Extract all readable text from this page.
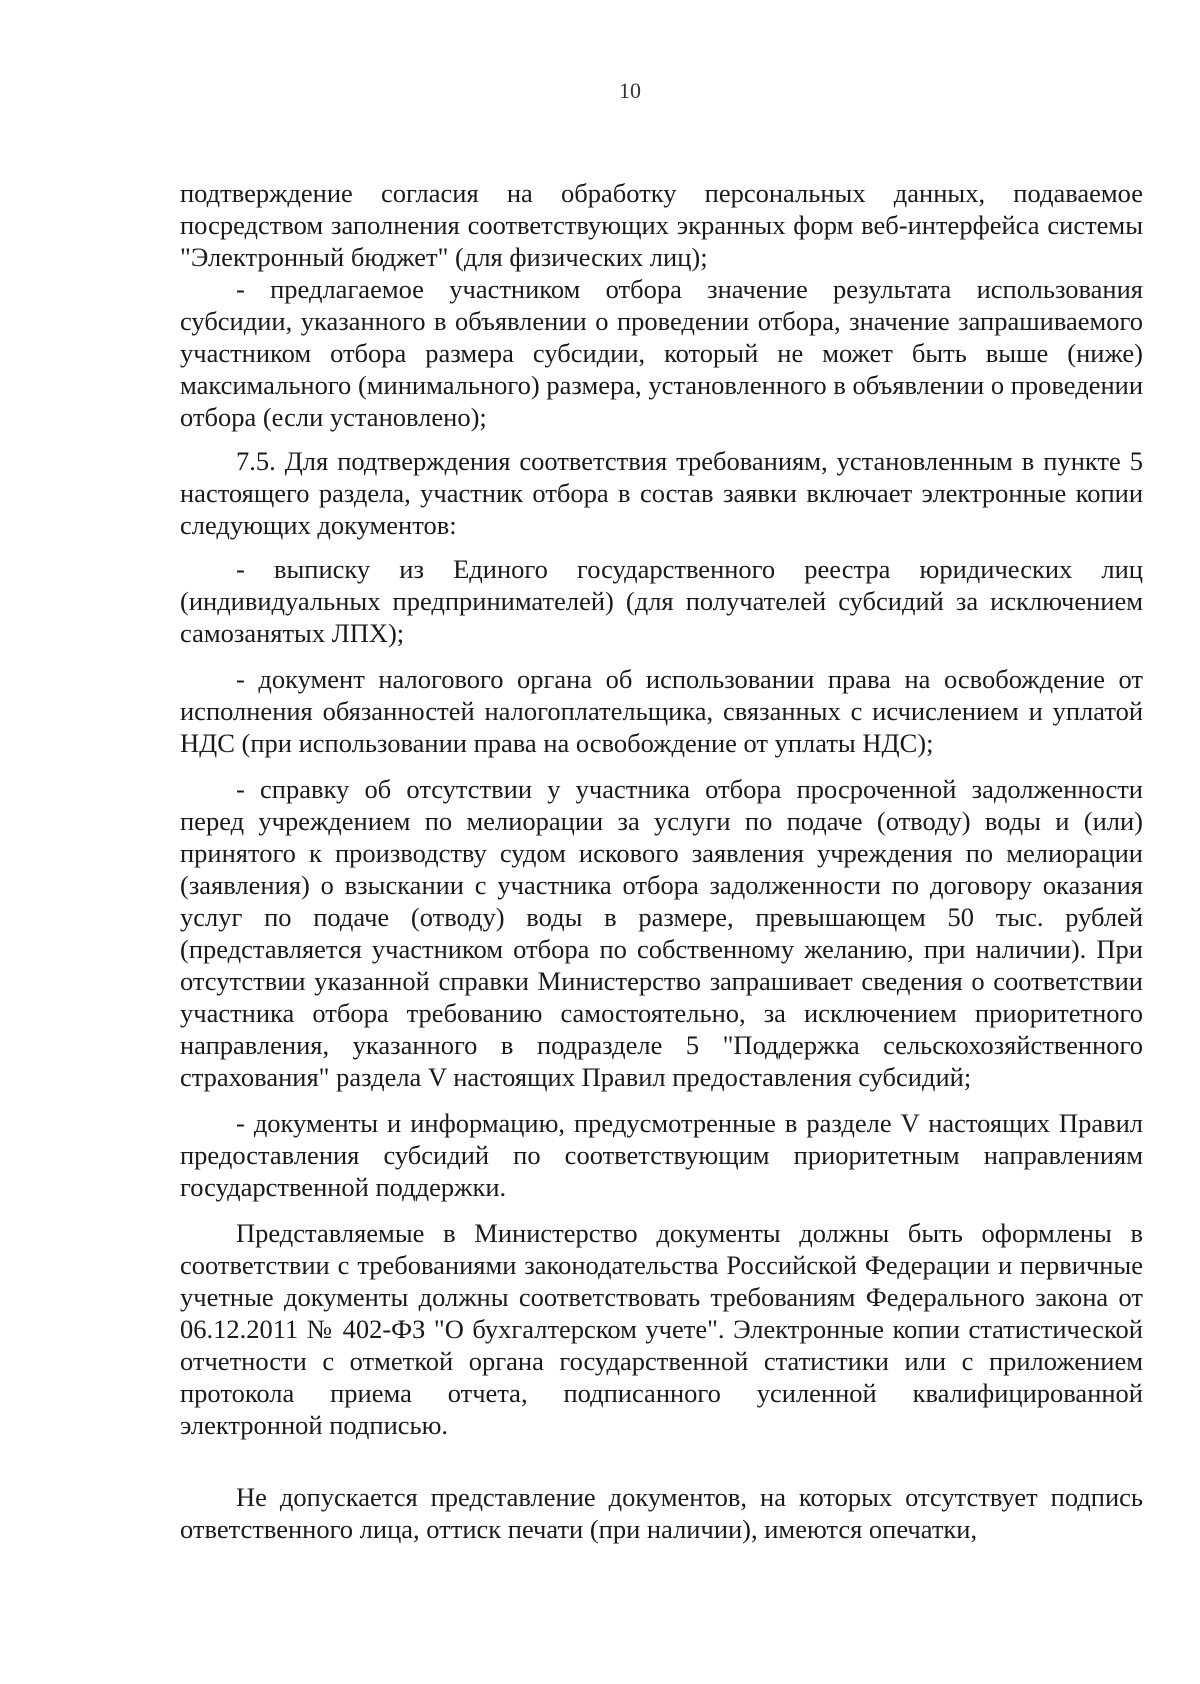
10

подтверждение согласия на обработку персональных данных, подаваемое посредством заполнения соответствующих экранных форм веб-интерфейса системы "Электронный бюджет" (для физических лиц);

- предлагаемое участником отбора значение результата использования субсидии, указанного в объявлении о проведении отбора, значение запрашиваемого участником отбора размера субсидии, который не может быть выше (ниже) максимального (минимального) размера, установленного в объявлении о проведении отбора (если установлено);

7.5. Для подтверждения соответствия требованиям, установленным в пункте 5 настоящего раздела, участник отбора в состав заявки включает электронные копии следующих документов:

- выписку из Единого государственного реестра юридических лиц (индивидуальных предпринимателей) (для получателей субсидий за исключением самозанятых ЛПХ);

- документ налогового органа об использовании права на освобождение от исполнения обязанностей налогоплательщика, связанных с исчислением и уплатой НДС (при использовании права на освобождение от уплаты НДС);

- справку об отсутствии у участника отбора просроченной задолженности перед учреждением по мелиорации за услуги по подаче (отводу) воды и (или) принятого к производству судом искового заявления учреждения по мелиорации (заявления) о взыскании с участника отбора задолженности по договору оказания услуг по подаче (отводу) воды в размере, превышающем 50 тыс. рублей (представляется участником отбора по собственному желанию, при наличии). При отсутствии указанной справки Министерство запрашивает сведения о соответствии участника отбора требованию самостоятельно, за исключением приоритетного направления, указанного в подразделе 5 "Поддержка сельскохозяйственного страхования" раздела V настоящих Правил предоставления субсидий;

- документы и информацию, предусмотренные в разделе V настоящих Правил предоставления субсидий по соответствующим приоритетным направлениям государственной поддержки.

Представляемые в Министерство документы должны быть оформлены в соответствии с требованиями законодательства Российской Федерации и первичные учетные документы должны соответствовать требованиям Федерального закона от 06.12.2011 № 402-ФЗ "О бухгалтерском учете". Электронные копии статистической отчетности с отметкой органа государственной статистики или с приложением протокола приема отчета, подписанного усиленной квалифицированной электронной подписью.

Не допускается представление документов, на которых отсутствует подпись ответственного лица, оттиск печати (при наличии), имеются опечатки,
